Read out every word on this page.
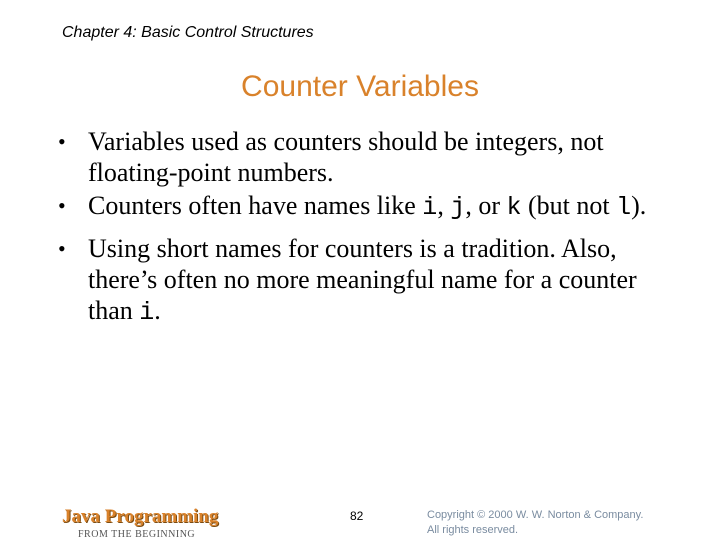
Chapter 4: Basic Control Structures
Counter Variables
• Variables used as counters should be integers, not floating-point numbers.
• Counters often have names like i, j, or k (but not l).
• Using short names for counters is a tradition. Also, there’s often no more meaningful name for a counter than i.
Java Programming
FROM THE BEGINNING
82	Copyright © 2000 W. W. Norton & Company.
All rights reserved.
